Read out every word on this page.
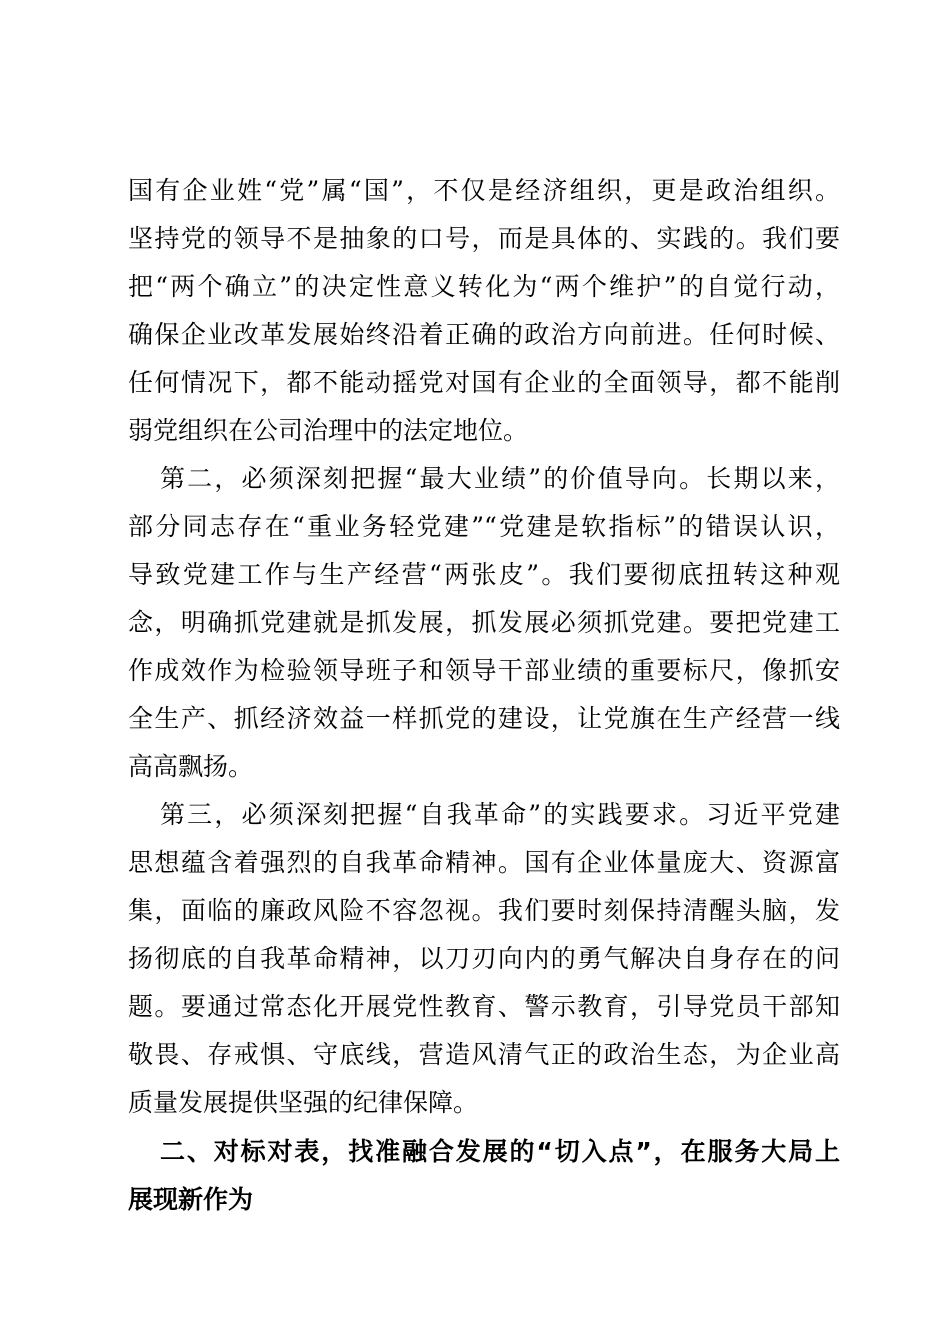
国有企业姓“党”属“国”，不仅是经济组织，更是政治组织。
坚持党的领导不是抽象的口号，而是具体的、实践的。我们要
把“两个确立”的决定性意义转化为“两个维护”的自觉行动，
确保企业改革发展始终沿着正确的政治方向前进。任何时候、
任何情况下，都不能动摇党对国有企业的全面领导，都不能削
弱党组织在公司治理中的法定地位。
第二，必须深刻把握“最大业绩”的价值导向。长期以来，
部分同志存在“重业务轻党建”“党建是软指标”的错误认识，
导致党建工作与生产经营“两张皮”。我们要彻底扭转这种观
念，明确抓党建就是抓发展，抓发展必须抓党建。要把党建工
作成效作为检验领导班子和领导干部业绩的重要标尺，像抓安
全生产、抓经济效益一样抓党的建设，让党旗在生产经营一线
高高飘扬。
第三，必须深刻把握“自我革命”的实践要求。习近平党建
思想蕴含着强烈的自我革命精神。国有企业体量庞大、资源富
集，面临的廉政风险不容忽视。我们要时刻保持清醒头脑，发
扬彻底的自我革命精神，以刀刃向内的勇气解决自身存在的问
题。要通过常态化开展党性教育、警示教育，引导党员干部知
敬畏、存戒惧、守底线，营造风清气正的政治生态，为企业高
质量发展提供坚强的纪律保障。
二、对标对表，找准融合发展的“切入点”，在服务大局上
展现新作为
